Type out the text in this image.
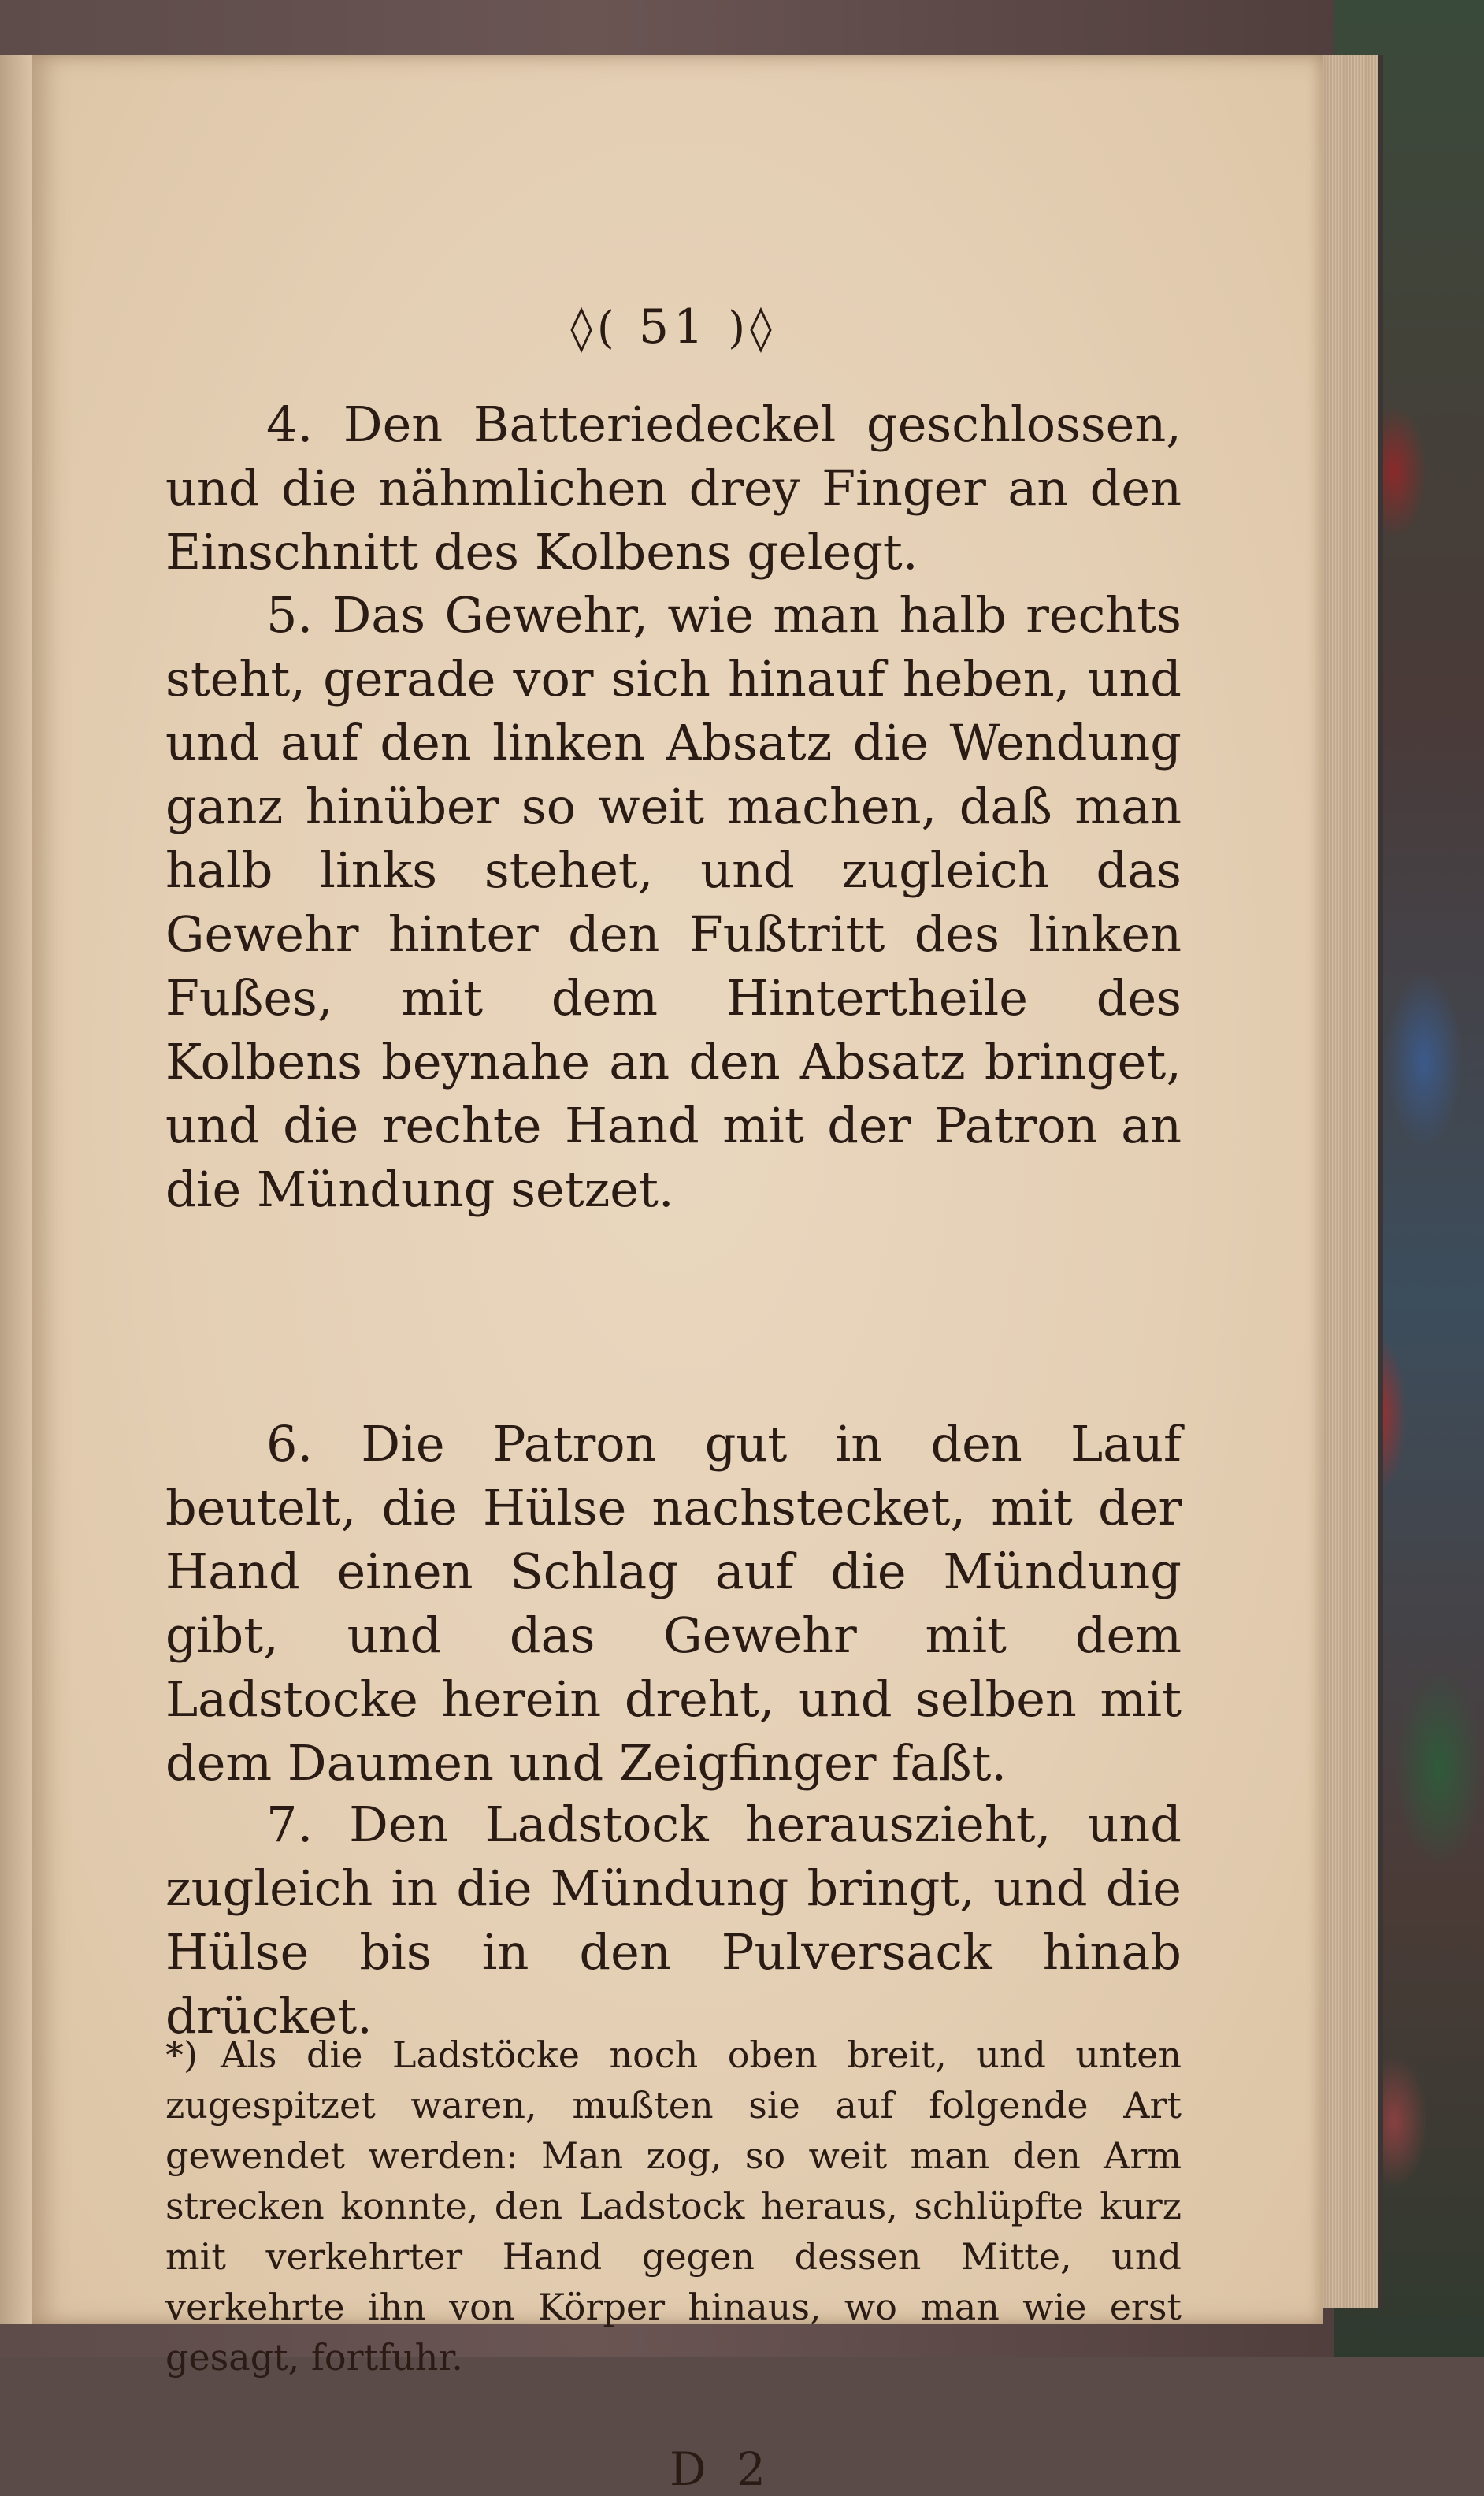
◊( 51 )◊
4. Den Batteriedeckel geschlossen, und die nähmlichen drey Finger an den Einschnitt des Kolbens gelegt.
5. Das Gewehr, wie man halb rechts steht, gerade vor sich hinauf heben, und und auf den linken Absatz die Wendung ganz hinüber so weit machen, daß man halb links stehet, und zugleich das Gewehr hinter den Fußtritt des linken Fußes, mit dem Hintertheile des Kolbens beynahe an den Absatz bringet, und die rechte Hand mit der Patron an die Mündung setzet.
6. Die Patron gut in den Lauf beutelt, die Hülse nachstecket, mit der Hand einen Schlag auf die Mündung gibt, und das Gewehr mit dem Ladstocke herein dreht, und selben mit dem Daumen und Zeigfinger faßt.
7. Den Ladstock herauszieht, und zugleich in die Mündung bringt, und die Hülse bis in den Pulversack hinab drücket.
*) Als die Ladstöcke noch oben breit, und unten zugespitzet waren, mußten sie auf folgende Art gewendet werden: Man zog, so weit man den Arm strecken konnte, den Ladstock heraus, schlüpfte kurz mit verkehrter Hand gegen dessen Mitte, und verkehrte ihn von Körper hinaus, wo man wie erst gesagt, fortfuhr.
D 2
